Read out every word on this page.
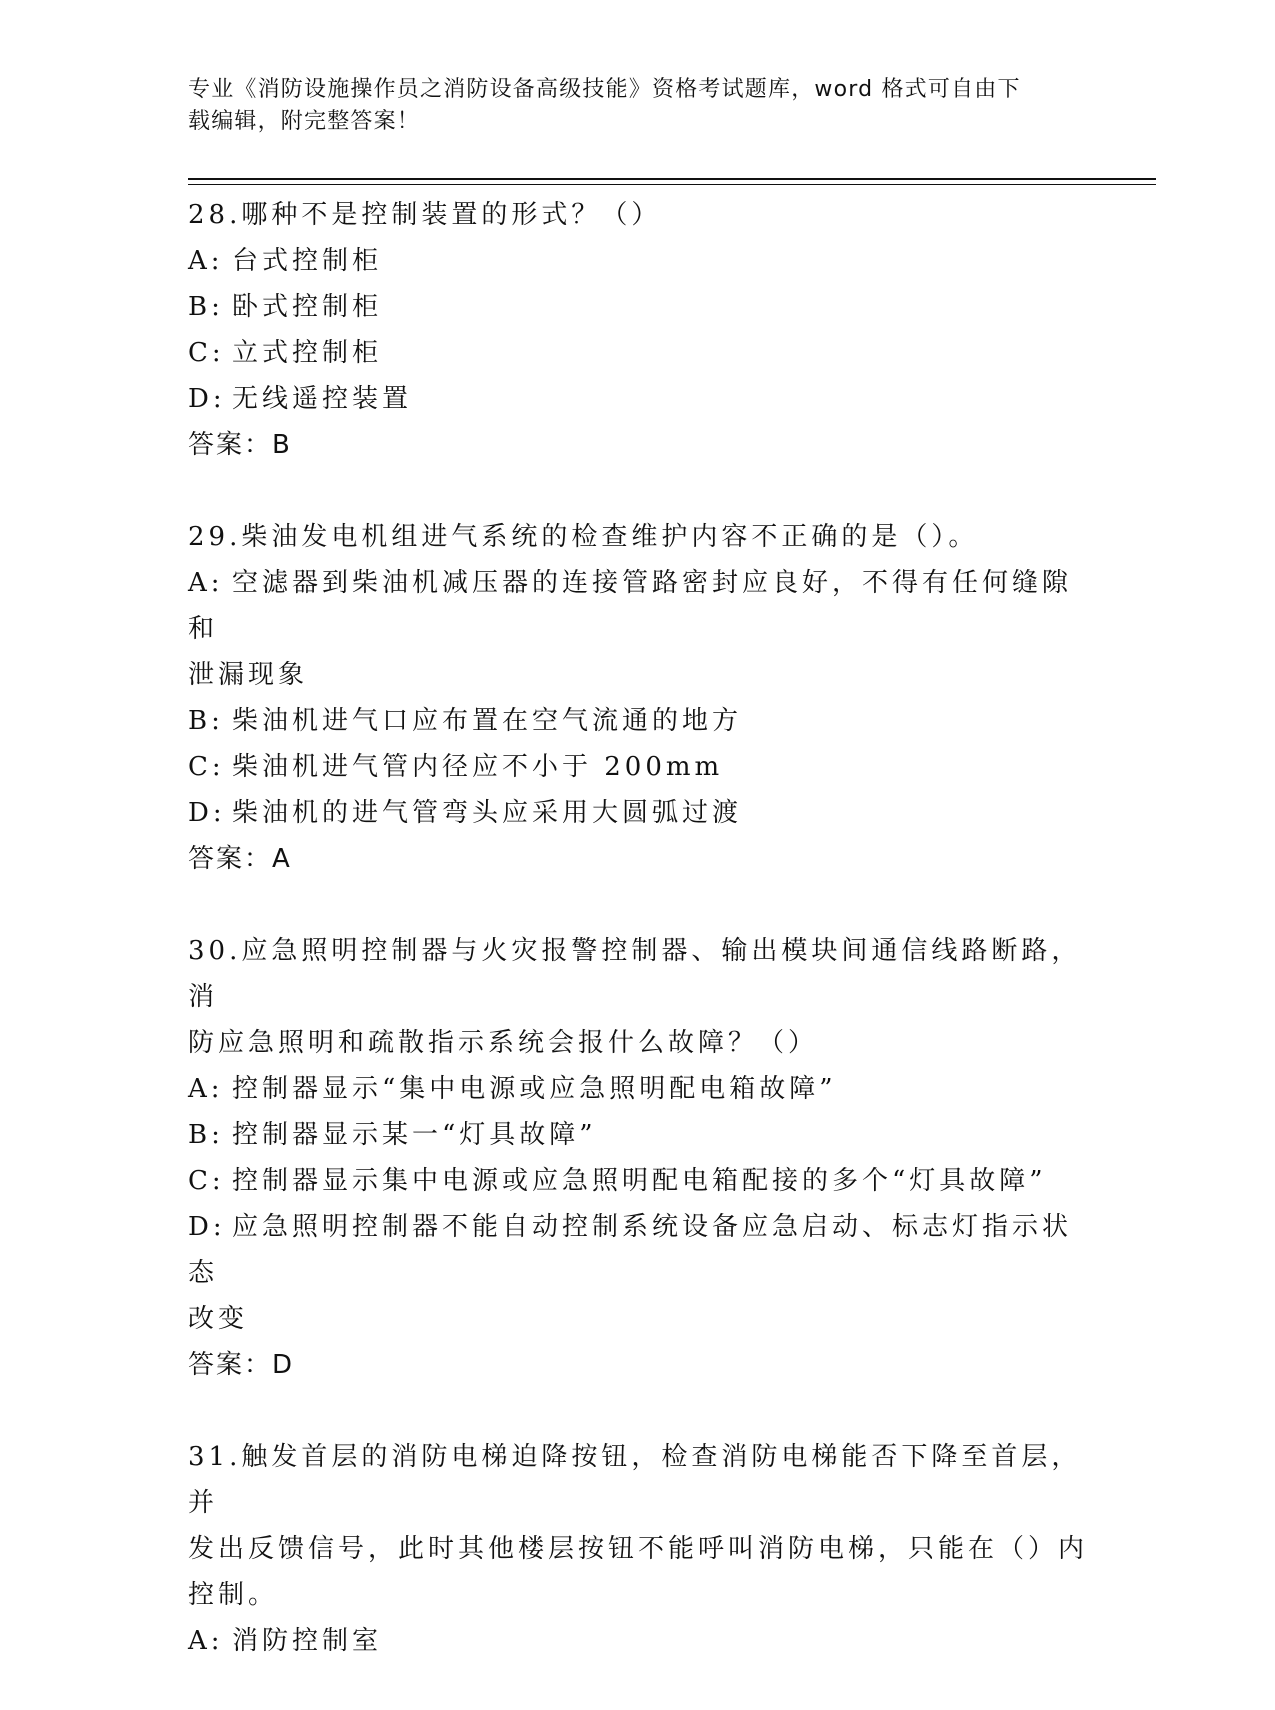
专业《消防设施操作员之消防设备高级技能》资格考试题库，word 格式可自由下
载编辑，附完整答案！

28.哪种不是控制装置的形式？（）

A: 台式控制柜

B: 卧式控制柜

C: 立式控制柜

D: 无线遥控装置

答案：B

29.柴油发电机组进气系统的检查维护内容不正确的是（）。

A: 空滤器到柴油机减压器的连接管路密封应良好，不得有任何缝隙和

泄漏现象

B: 柴油机进气口应布置在空气流通的地方

C: 柴油机进气管内径应不小于 200mm

D: 柴油机的进气管弯头应采用大圆弧过渡

答案：A

30.应急照明控制器与火灾报警控制器、输出模块间通信线路断路，消

防应急照明和疏散指示系统会报什么故障？（）

A: 控制器显示“集中电源或应急照明配电箱故障”

B: 控制器显示某一“灯具故障”

C: 控制器显示集中电源或应急照明配电箱配接的多个“灯具故障”

D: 应急照明控制器不能自动控制系统设备应急启动、标志灯指示状态

改变

答案：D

31.触发首层的消防电梯迫降按钮，检查消防电梯能否下降至首层，并

发出反馈信号，此时其他楼层按钮不能呼叫消防电梯，只能在（）内

控制。

A: 消防控制室
